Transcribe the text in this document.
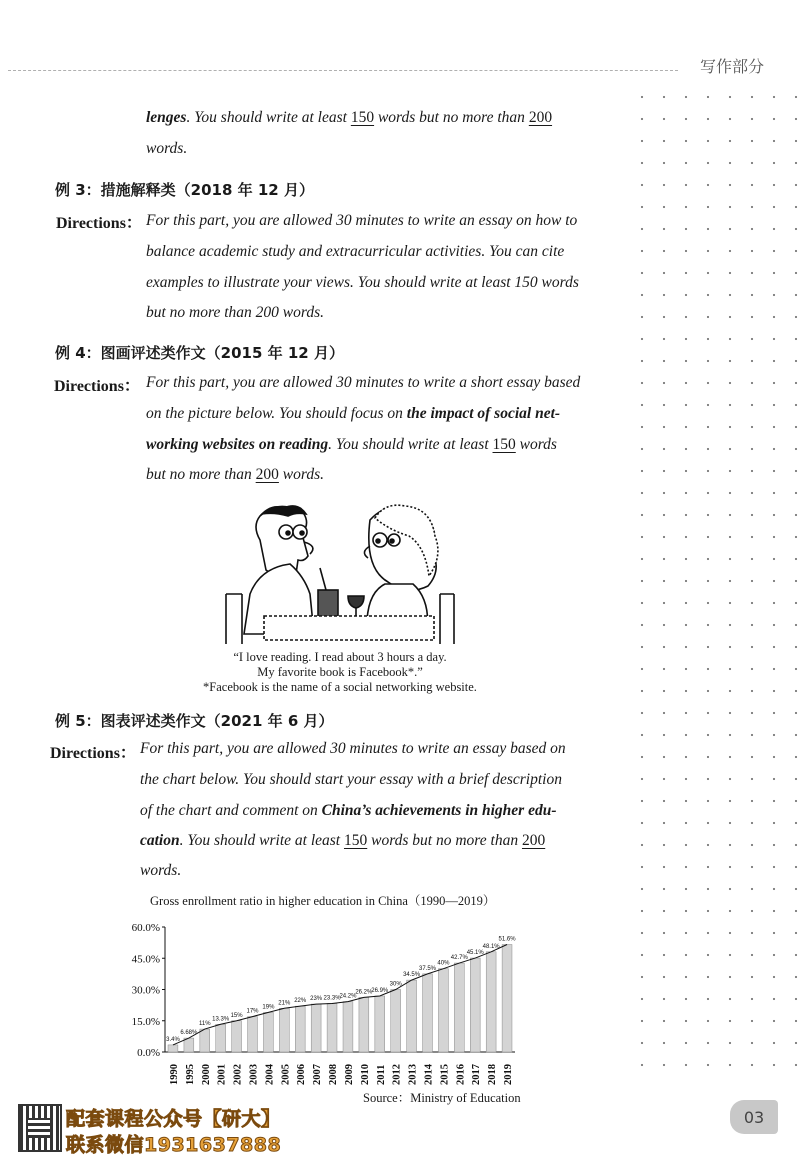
写作部分
lenges. You should write at least 150 words but no more than 200
words.
例 3：措施解释类（2018 年 12 月）
Directions： For this part, you are allowed 30 minutes to write an essay on how to
balance academic study and extracurricular activities. You can cite
examples to illustrate your views. You should write at least 150 words
but no more than 200 words.
例 4：图画评述类作文（2015 年 12 月）
Directions： For this part, you are allowed 30 minutes to write a short essay based
on the picture below. You should focus on the impact of social net-
working websites on reading. You should write at least 150 words
but no more than 200 words.
“I love reading. I read about 3 hours a day.
My favorite book is Facebook*.”
*Facebook is the name of a social networking website.
例 5：图表评述类作文（2021 年 6 月）
Directions： For this part, you are allowed 30 minutes to write an essay based on
the chart below. You should start your essay with a brief description
of the chart and comment on China’s achievements in higher edu-
cation. You should write at least 150 words but no more than 200
words.
Gross enrollment ratio in higher education in China（1990—2019）
0.0%
15.0%
30.0%
45.0%
60.0%
3.4%
1990
6.68%
1995
11%
2000
13.3%
2001
15%
2002
17%
2003
19%
2004
21%
2005
22%
2006
23%
2007
23.3%
2008
24.2%
2009
26.2%
2010
26.9%
2011
30%
2012
34.5%
2013
37.5%
2014
40%
2015
42.7%
2016
45.1%
2017
48.1%
2018
51.6%
2019
Source：Ministry of Education
配套课程公众号【研大】
联系微信1931637888
03
